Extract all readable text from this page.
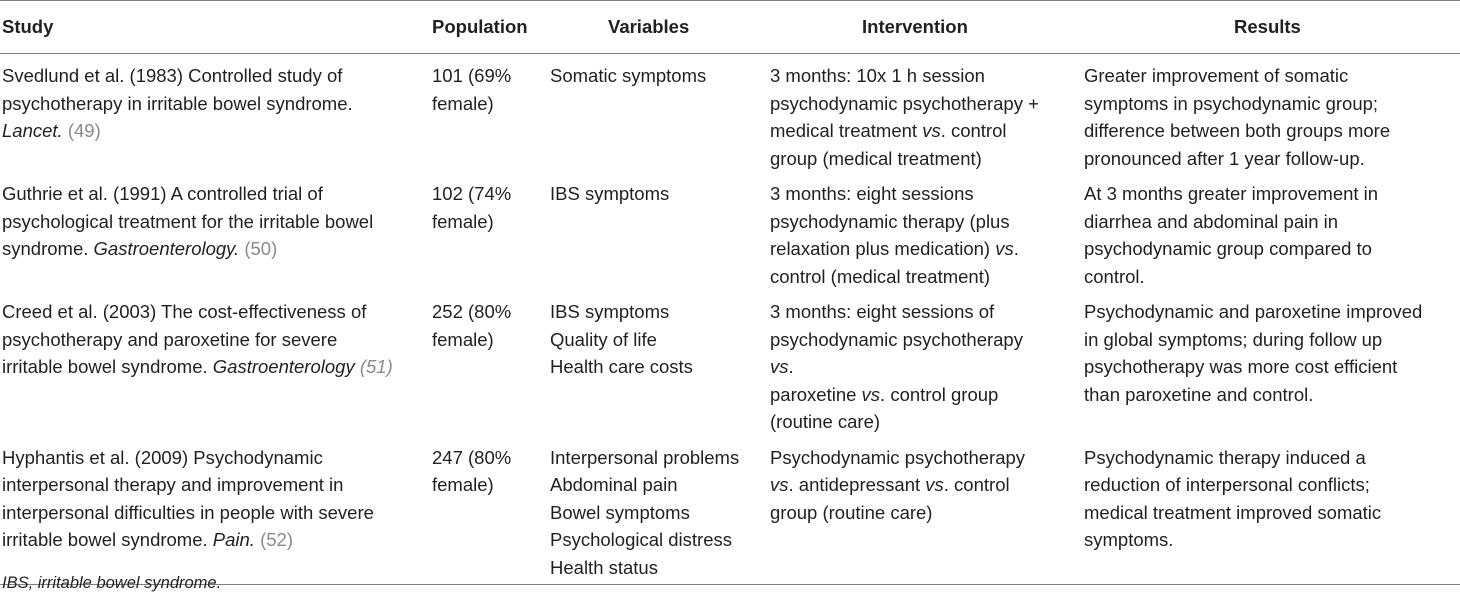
Study	Population	Variables	Intervention	Results

Svedlund et al. (1983) Controlled study of
psychotherapy in irritable bowel syndrome.
Lancet. (49)	101 (69%
female)	Somatic symptoms	3 months: 10x 1 h session
psychodynamic psychotherapy +
medical treatment vs. control
group (medical treatment)	Greater improvement of somatic
symptoms in psychodynamic group;
difference between both groups more
pronounced after 1 year follow-up.

Guthrie et al. (1991) A controlled trial of
psychological treatment for the irritable bowel
syndrome. Gastroenterology. (50)	102 (74%
female)	IBS symptoms	3 months: eight sessions
psychodynamic therapy (plus
relaxation plus medication) vs.
control (medical treatment)	At 3 months greater improvement in
diarrhea and abdominal pain in
psychodynamic group compared to
control.

Creed et al. (2003) The cost-effectiveness of
psychotherapy and paroxetine for severe
irritable bowel syndrome. Gastroenterology (51)	252 (80%
female)	IBS symptoms
Quality of life
Health care costs	3 months: eight sessions of
psychodynamic psychotherapy
vs.
paroxetine vs. control group
(routine care)	Psychodynamic and paroxetine improved
in global symptoms; during follow up
psychotherapy was more cost efficient
than paroxetine and control.

Hyphantis et al. (2009) Psychodynamic
interpersonal therapy and improvement in
interpersonal difficulties in people with severe
irritable bowel syndrome. Pain. (52)	247 (80%
female)	Interpersonal problems
Abdominal pain
Bowel symptoms
Psychological distress
Health status	Psychodynamic psychotherapy
vs. antidepressant vs. control
group (routine care)	Psychodynamic therapy induced a
reduction of interpersonal conflicts;
medical treatment improved somatic
symptoms.
IBS, irritable bowel syndrome.
